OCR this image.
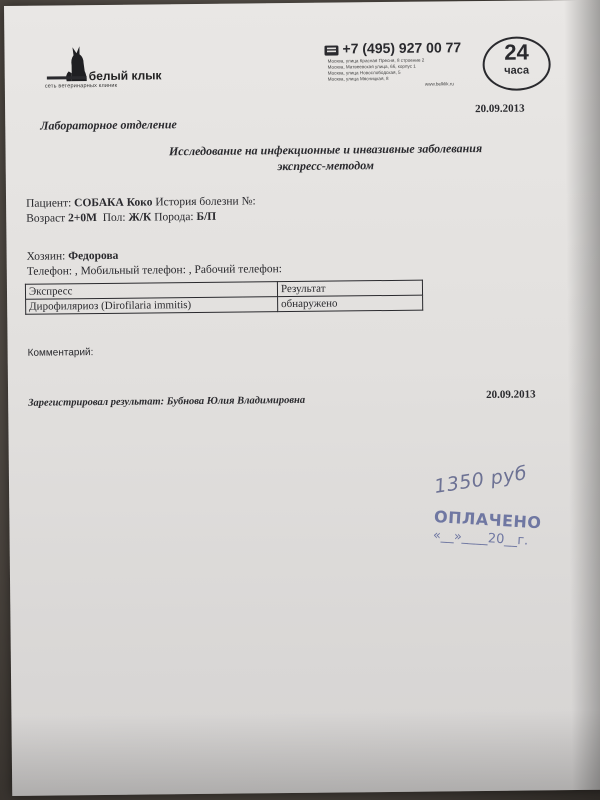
белый клык
сеть ветеринарных клиник
+7 (495) 927 00 77
Москва, улица Красная Пресня, 8 строение 2
Москва, Матвеевская улица, 66, корпус 1
Москва, улица Новослободская, 5
Москва, улица Мясницкая, 8
www.belklik.ru
24
часа
Лабораторное отделение
20.09.2013
Исследование на инфекционные и инвазивные заболевания
экспресс-методом
Пациент: СОБАКА Коко История болезни №:
Возраст 2+0М Пол: Ж/К Порода: Б/П
Хозяин: Федорова
Телефон: , Мобильный телефон: , Рабочий телефон:
Экспресс	Результат
Дирофиляриоз (Dirofilaria immitis)	обнаружено
Комментарий:
Зарегистрировал результат: Бубнова Юлия Владимировна
20.09.2013
1350 руб
ОПЛАЧЕНО
«__»____20__г.
